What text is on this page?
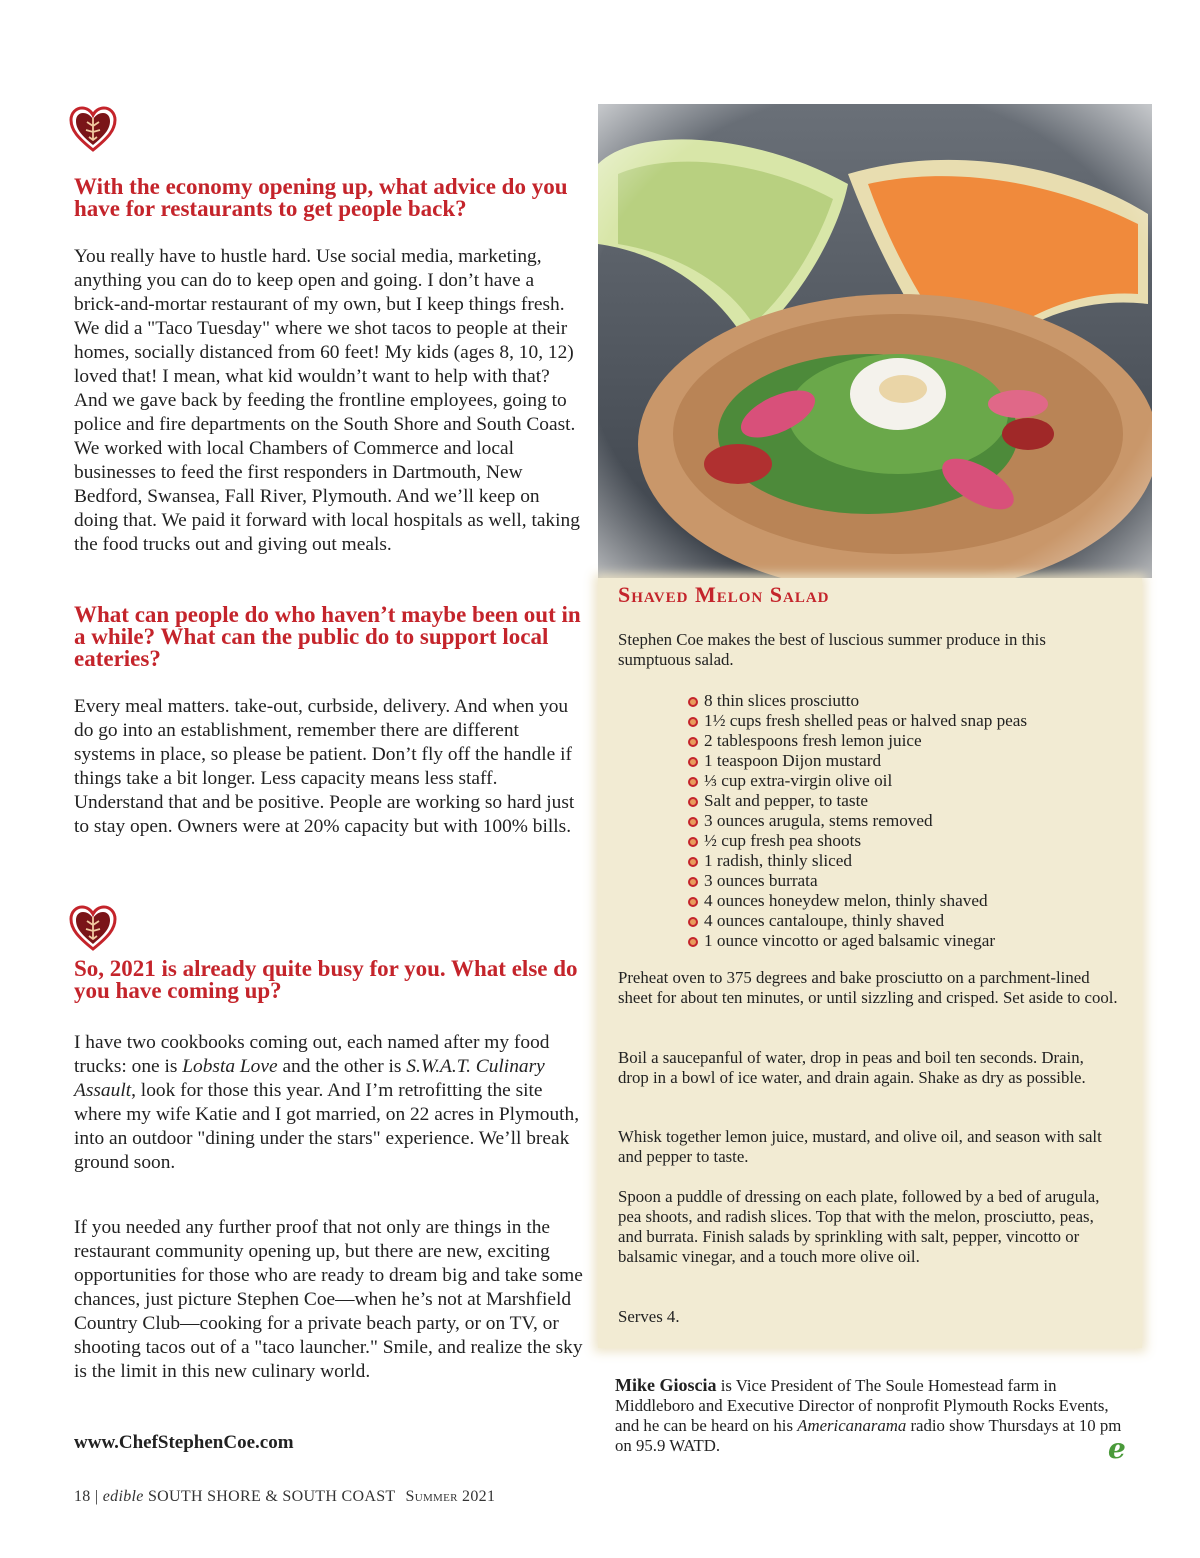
With the economy opening up, what advice do you have for restaurants to get people back?

You really have to hustle hard. Use social media, marketing, anything you can do to keep open and going. I don’t have a brick-and-mortar restaurant of my own, but I keep things fresh. We did a "Taco Tuesday" where we shot tacos to people at their homes, socially distanced from 60 feet! My kids (ages 8, 10, 12) loved that! I mean, what kid wouldn’t want to help with that? And we gave back by feeding the frontline employees, going to police and fire departments on the South Shore and South Coast. We worked with local Chambers of Commerce and local businesses to feed the first responders in Dartmouth, New Bedford, Swansea, Fall River, Plymouth. And we’ll keep on doing that. We paid it forward with local hospitals as well, taking the food trucks out and giving out meals.

What can people do who haven’t maybe been out in a while? What can the public do to support local eateries?

Every meal matters. take-out, curbside, delivery. And when you do go into an establishment, remember there are different systems in place, so please be patient. Don’t fly off the handle if things take a bit longer. Less capacity means less staff. Understand that and be positive. People are working so hard just to stay open. Owners were at 20% capacity but with 100% bills.

So, 2021 is already quite busy for you. What else do you have coming up?

I have two cookbooks coming out, each named after my food trucks: one is Lobsta Love and the other is S.W.A.T. Culinary Assault, look for those this year. And I’m retrofitting the site where my wife Katie and I got married, on 22 acres in Plymouth, into an outdoor "dining under the stars" experience. We’ll break ground soon.

If you needed any further proof that not only are things in the restaurant community opening up, but there are new, exciting opportunities for those who are ready to dream big and take some chances, just picture Stephen Coe—when he’s not at Marshfield Country Club—cooking for a private beach party, or on TV, or shooting tacos out of a "taco launcher." Smile, and realize the sky is the limit in this new culinary world.

www.ChefStephenCoe.com

18 | edible SOUTH SHORE & SOUTH COAST Summer 2021

Shaved Melon Salad

Stephen Coe makes the best of luscious summer produce in this sumptuous salad.

8 thin slices prosciutto
1½ cups fresh shelled peas or halved snap peas
2 tablespoons fresh lemon juice
1 teaspoon Dijon mustard
⅓ cup extra-virgin olive oil
Salt and pepper, to taste
3 ounces arugula, stems removed
½ cup fresh pea shoots
1 radish, thinly sliced
3 ounces burrata
4 ounces honeydew melon, thinly shaved
4 ounces cantaloupe, thinly shaved
1 ounce vincotto or aged balsamic vinegar

Preheat oven to 375 degrees and bake prosciutto on a parchment-lined sheet for about ten minutes, or until sizzling and crisped. Set aside to cool.

Boil a saucepanful of water, drop in peas and boil ten seconds. Drain, drop in a bowl of ice water, and drain again. Shake as dry as possible.

Whisk together lemon juice, mustard, and olive oil, and season with salt and pepper to taste.

Spoon a puddle of dressing on each plate, followed by a bed of arugula, pea shoots, and radish slices. Top that with the melon, prosciutto, peas, and burrata. Finish salads by sprinkling with salt, pepper, vincotto or balsamic vinegar, and a touch more olive oil.

Serves 4.

Mike Gioscia is Vice President of The Soule Homestead farm in Middleboro and Executive Director of nonprofit Plymouth Rocks Events, and he can be heard on his Americanarama radio show Thursdays at 10 pm on 95.9 WATD.	e
